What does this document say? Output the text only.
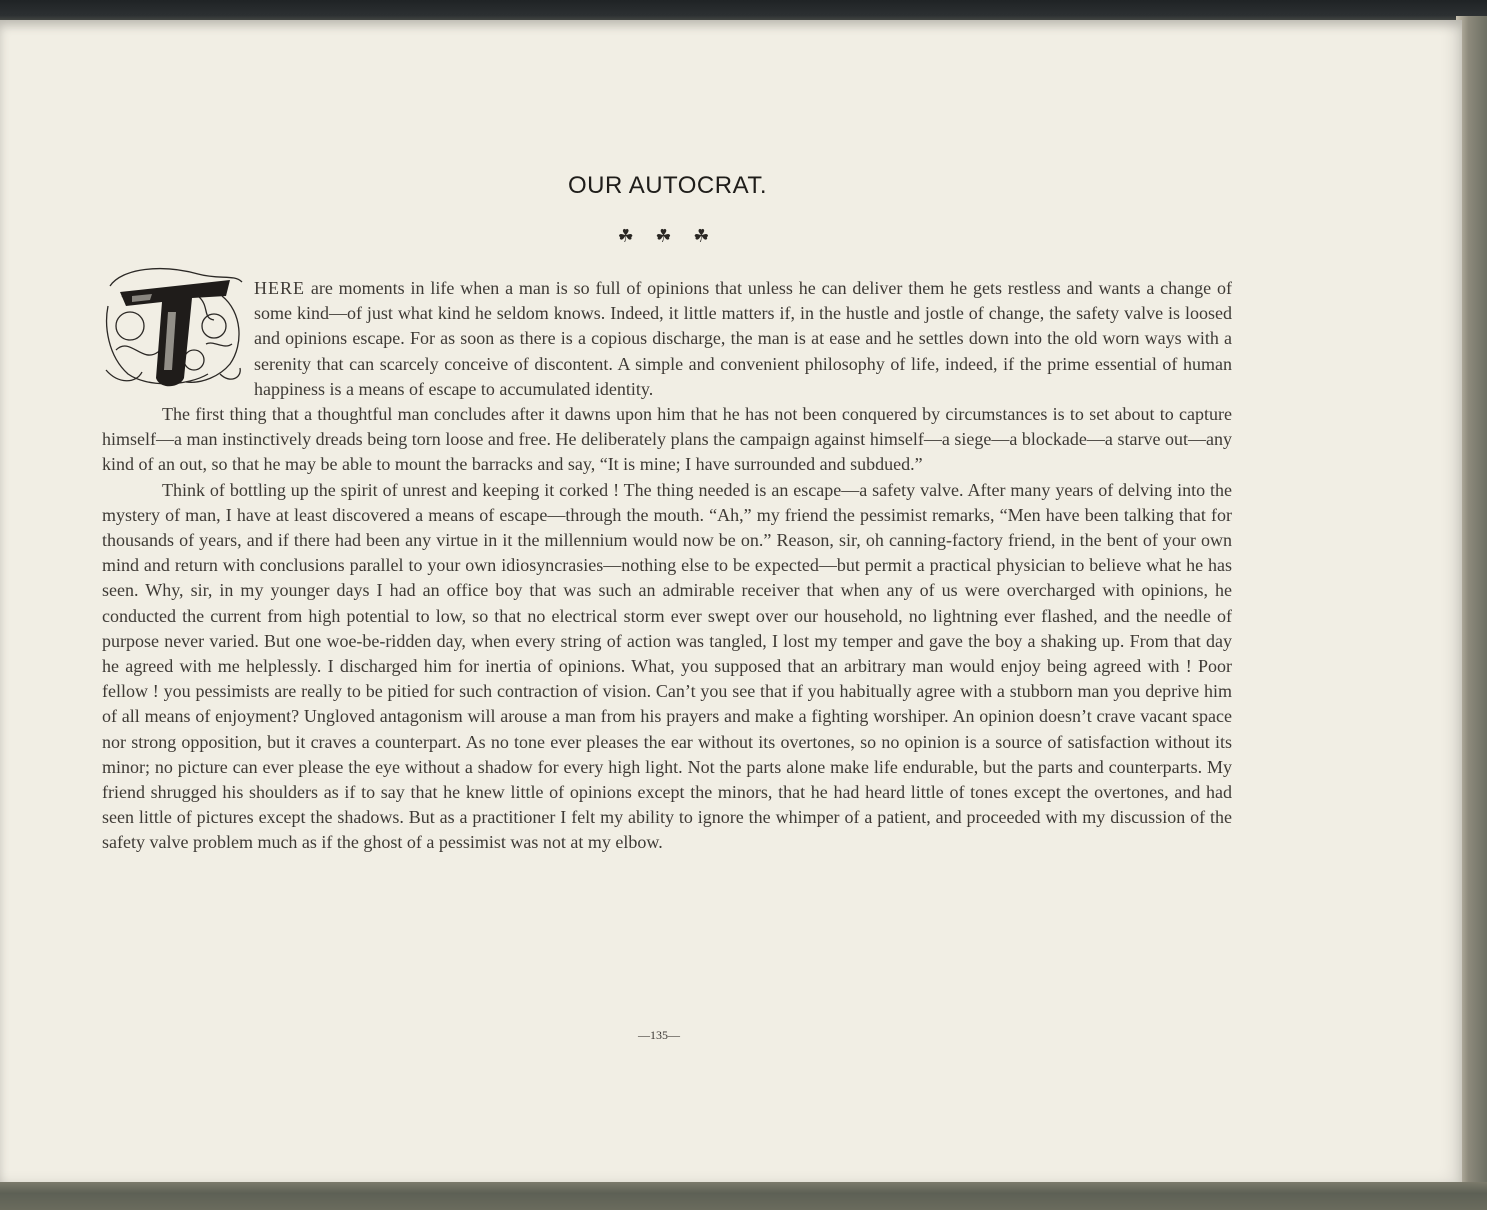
OUR AUTOCRAT.
☘ ☘ ☘

HERE are moments in life when a man is so full of opinions that unless he can deliver them he gets restless and wants a change of some kind—of just what kind he seldom knows. Indeed, it little matters if, in the hustle and jostle of change, the safety valve is loosed and opinions escape. For as soon as there is a copious discharge, the man is at ease and he settles down into the old worn ways with a serenity that can scarcely conceive of discontent. A simple and convenient philosophy of life, indeed, if the prime essential of human happiness is a means of escape to accumulated identity.

The first thing that a thoughtful man concludes after it dawns upon him that he has not been conquered by circumstances is to set about to capture himself—a man instinctively dreads being torn loose and free. He deliberately plans the campaign against himself—a siege—a blockade—a starve out—any kind of an out, so that he may be able to mount the barracks and say, “It is mine; I have surrounded and subdued.”

Think of bottling up the spirit of unrest and keeping it corked ! The thing needed is an escape—a safety valve. After many years of delving into the mystery of man, I have at least discovered a means of escape—through the mouth. “Ah,” my friend the pessimist remarks, “Men have been talking that for thousands of years, and if there had been any virtue in it the millennium would now be on.” Reason, sir, oh canning-factory friend, in the bent of your own mind and return with conclusions parallel to your own idiosyncrasies—nothing else to be expected—but permit a practical physician to believe what he has seen. Why, sir, in my younger days I had an office boy that was such an admirable receiver that when any of us were overcharged with opinions, he conducted the current from high potential to low, so that no electrical storm ever swept over our household, no lightning ever flashed, and the needle of purpose never varied. But one woe-be-ridden day, when every string of action was tangled, I lost my temper and gave the boy a shaking up. From that day he agreed with me helplessly. I discharged him for inertia of opinions. What, you supposed that an arbitrary man would enjoy being agreed with ! Poor fellow ! you pessimists are really to be pitied for such contraction of vision. Can’t you see that if you habitually agree with a stubborn man you deprive him of all means of enjoyment? Ungloved antagonism will arouse a man from his prayers and make a fighting worshiper. An opinion doesn’t crave vacant space nor strong opposition, but it craves a counterpart. As no tone ever pleases the ear without its overtones, so no opinion is a source of satisfaction without its minor; no picture can ever please the eye without a shadow for every high light. Not the parts alone make life endurable, but the parts and counterparts. My friend shrugged his shoulders as if to say that he knew little of opinions except the minors, that he had heard little of tones except the overtones, and had seen little of pictures except the shadows. But as a practitioner I felt my ability to ignore the whimper of a patient, and proceeded with my discussion of the safety valve problem much as if the ghost of a pessimist was not at my elbow.

—135—
